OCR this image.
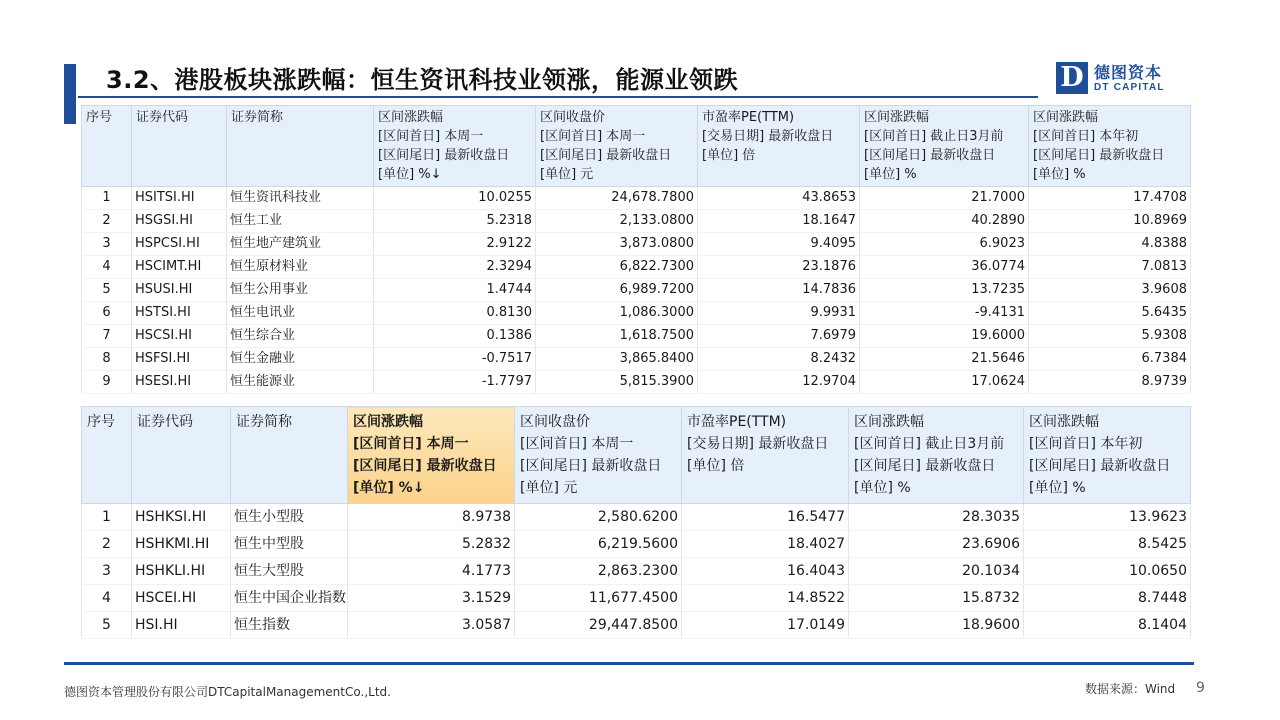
3.2、港股板块涨跌幅：恒生资讯科技业领涨，能源业领跌	D 德图资本
DT CAPITAL
序号	证券代码	证券简称	区间涨跌幅
[区间首日] 本周一
[区间尾日] 最新收盘日
[单位] %↓	区间收盘价
[区间首日] 本周一
[区间尾日] 最新收盘日
[单位] 元	市盈率PE(TTM)
[交易日期] 最新收盘日
[单位] 倍	区间涨跌幅
[区间首日] 截止日3月前
[区间尾日] 最新收盘日
[单位] %	区间涨跌幅
[区间首日] 本年初
[区间尾日] 最新收盘日
[单位] %

1	HSITSI.HI	恒生资讯科技业	10.0255	24,678.7800	43.8653	21.7000	17.4708
2	HSGSI.HI	恒生工业	5.2318	2,133.0800	18.1647	40.2890	10.8969
3	HSPCSI.HI	恒生地产建筑业	2.9122	3,873.0800	9.4095	6.9023	4.8388
4	HSCIMT.HI	恒生原材料业	2.3294	6,822.7300	23.1876	36.0774	7.0813
5	HSUSI.HI	恒生公用事业	1.4744	6,989.7200	14.7836	13.7235	3.9608
6	HSTSI.HI	恒生电讯业	0.8130	1,086.3000	9.9931	-9.4131	5.6435
7	HSCSI.HI	恒生综合业	0.1386	1,618.7500	7.6979	19.6000	5.9308
8	HSFSI.HI	恒生金融业	-0.7517	3,865.8400	8.2432	21.5646	6.7384
9	HSESI.HI	恒生能源业	-1.7797	5,815.3900	12.9704	17.0624	8.9739
序号	证券代码	证券简称	区间涨跌幅
[区间首日] 本周一
[区间尾日] 最新收盘日
[单位] %↓	区间收盘价
[区间首日] 本周一
[区间尾日] 最新收盘日
[单位] 元	市盈率PE(TTM)
[交易日期] 最新收盘日
[单位] 倍	区间涨跌幅
[区间首日] 截止日3月前
[区间尾日] 最新收盘日
[单位] %	区间涨跌幅
[区间首日] 本年初
[区间尾日] 最新收盘日
[单位] %

1	HSHKSI.HI	恒生小型股	8.9738	2,580.6200	16.5477	28.3035	13.9623
2	HSHKMI.HI	恒生中型股	5.2832	6,219.5600	18.4027	23.6906	8.5425
3	HSHKLI.HI	恒生大型股	4.1773	2,863.2300	16.4043	20.1034	10.0650
4	HSCEI.HI	恒生中国企业指数	3.1529	11,677.4500	14.8522	15.8732	8.7448
5	HSI.HI	恒生指数	3.0587	29,447.8500	17.0149	18.9600	8.1404
德图资本管理股份有限公司DTCapitalManagementCo.,Ltd.	数据来源：Wind 9
